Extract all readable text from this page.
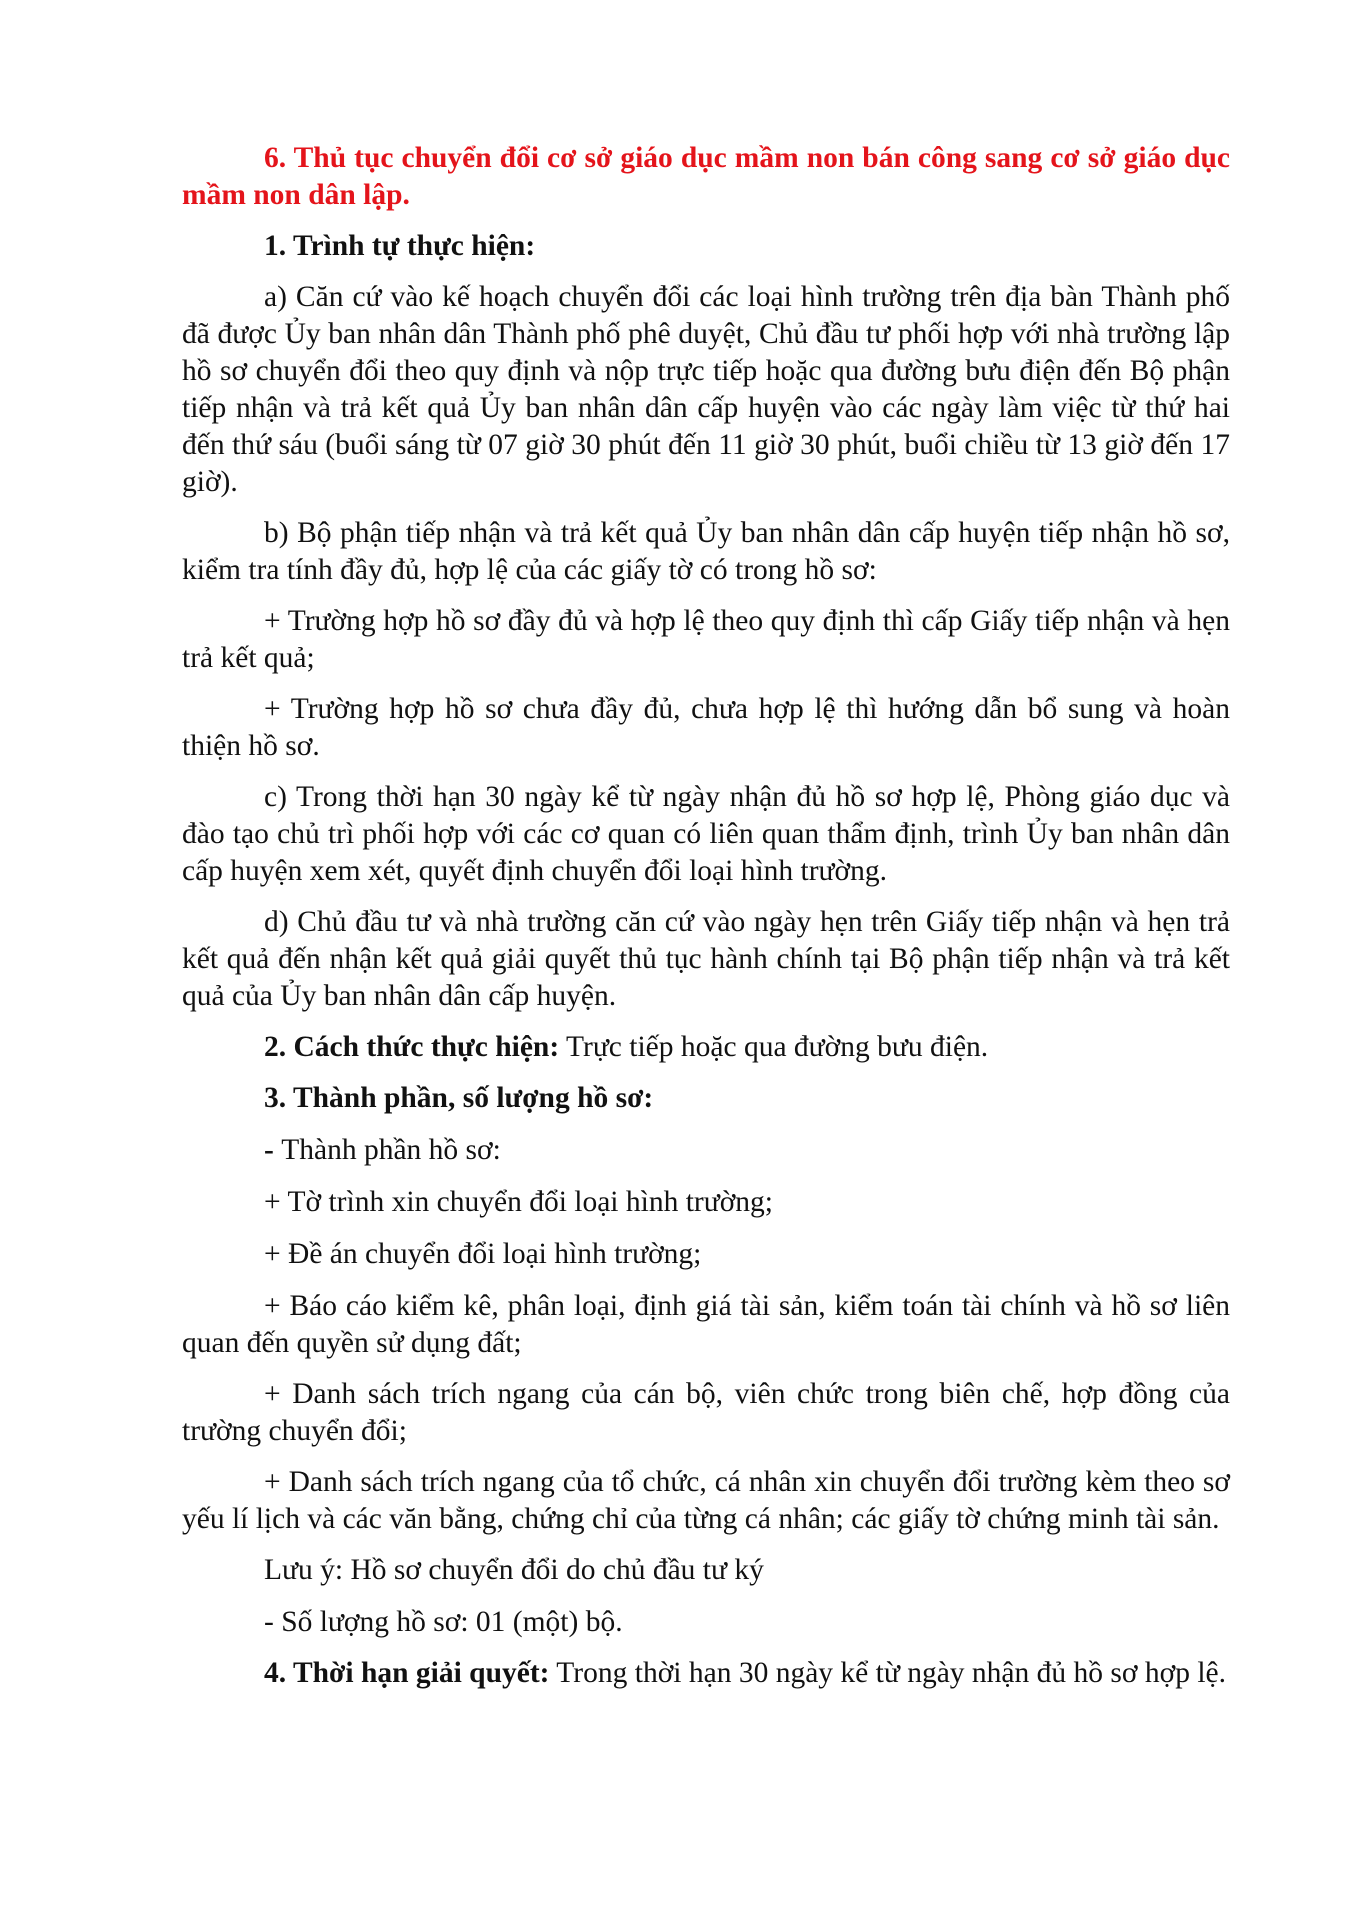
6. Thủ tục chuyển đổi cơ sở giáo dục mầm non bán công sang cơ sở giáo dục mầm non dân lập.

1. Trình tự thực hiện:

a) Căn cứ vào kế hoạch chuyển đổi các loại hình trường trên địa bàn Thành phố đã được Ủy ban nhân dân Thành phố phê duyệt, Chủ đầu tư phối hợp với nhà trường lập hồ sơ chuyển đổi theo quy định và nộp trực tiếp hoặc qua đường bưu điện đến Bộ phận tiếp nhận và trả kết quả Ủy ban nhân dân cấp huyện vào các ngày làm việc từ thứ hai đến thứ sáu (buổi sáng từ 07 giờ 30 phút đến 11 giờ 30 phút, buổi chiều từ 13 giờ đến 17 giờ).

b) Bộ phận tiếp nhận và trả kết quả Ủy ban nhân dân cấp huyện tiếp nhận hồ sơ, kiểm tra tính đầy đủ, hợp lệ của các giấy tờ có trong hồ sơ:

+ Trường hợp hồ sơ đầy đủ và hợp lệ theo quy định thì cấp Giấy tiếp nhận và hẹn trả kết quả;

+ Trường hợp hồ sơ chưa đầy đủ, chưa hợp lệ thì hướng dẫn bổ sung và hoàn thiện hồ sơ.

c) Trong thời hạn 30 ngày kể từ ngày nhận đủ hồ sơ hợp lệ, Phòng giáo dục và đào tạo chủ trì phối hợp với các cơ quan có liên quan thẩm định, trình Ủy ban nhân dân cấp huyện xem xét, quyết định chuyển đổi loại hình trường.

d) Chủ đầu tư và nhà trường căn cứ vào ngày hẹn trên Giấy tiếp nhận và hẹn trả kết quả đến nhận kết quả giải quyết thủ tục hành chính tại Bộ phận tiếp nhận và trả kết quả của Ủy ban nhân dân cấp huyện.

2. Cách thức thực hiện: Trực tiếp hoặc qua đường bưu điện.

3. Thành phần, số lượng hồ sơ:

- Thành phần hồ sơ:

+ Tờ trình xin chuyển đổi loại hình trường;

+ Đề án chuyển đổi loại hình trường;

+ Báo cáo kiểm kê, phân loại, định giá tài sản, kiểm toán tài chính và hồ sơ liên quan đến quyền sử dụng đất;

+ Danh sách trích ngang của cán bộ, viên chức trong biên chế, hợp đồng của trường chuyển đổi;

+ Danh sách trích ngang của tổ chức, cá nhân xin chuyển đổi trường kèm theo sơ yếu lí lịch và các văn bằng, chứng chỉ của từng cá nhân; các giấy tờ chứng minh tài sản.

Lưu ý: Hồ sơ chuyển đổi do chủ đầu tư ký

- Số lượng hồ sơ: 01 (một) bộ.

4. Thời hạn giải quyết: Trong thời hạn 30 ngày kể từ ngày nhận đủ hồ sơ hợp lệ.
